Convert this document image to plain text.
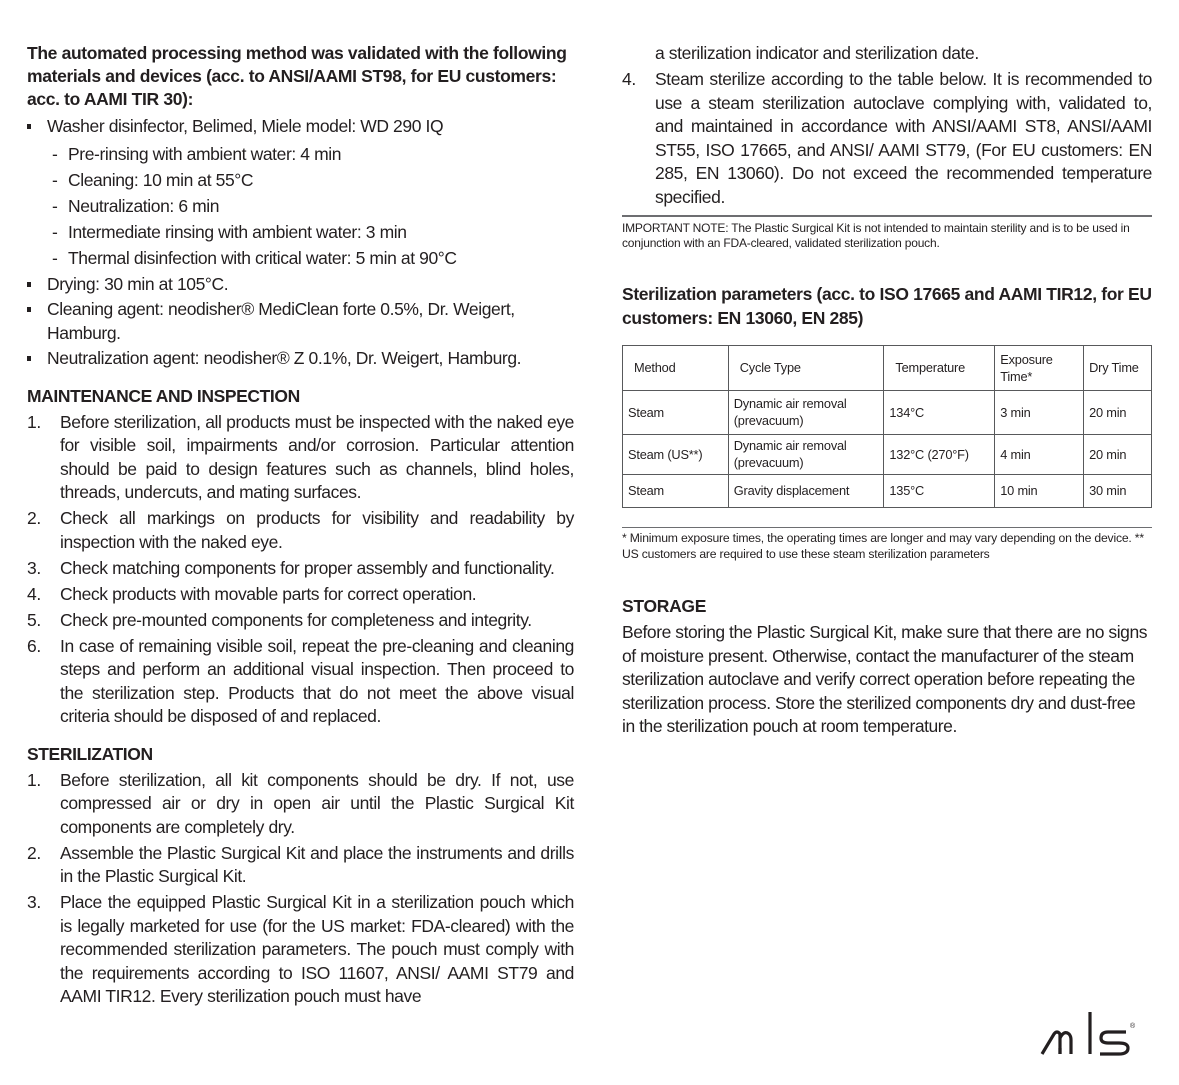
The automated processing method was validated with the following materials and devices (acc. to ANSI/AAMI ST98, for EU customers: acc. to AAMI TIR 30):

Washer disinfector, Belimed, Miele model: WD 290 IQ
- Pre-rinsing with ambient water: 4 min
- Cleaning: 10 min at 55°C
- Neutralization: 6 min
- Intermediate rinsing with ambient water: 3 min
- Thermal disinfection with critical water: 5 min at 90°C
Drying: 30 min at 105°C.
Cleaning agent: neodisher® MediClean forte 0.5%, Dr. Weigert, Hamburg.
Neutralization agent: neodisher® Z 0.1%, Dr. Weigert, Hamburg.
MAINTENANCE AND INSPECTION
1. Before sterilization, all products must be inspected with the naked eye for visible soil, impairments and/or corrosion. Particular attention should be paid to design features such as channels, blind holes, threads, undercuts, and mating surfaces.
2. Check all markings on products for visibility and readability by inspection with the naked eye.
3. Check matching components for proper assembly and functionality.
4. Check products with movable parts for correct operation.
5. Check pre-mounted components for completeness and integrity.
6. In case of remaining visible soil, repeat the pre-cleaning and cleaning steps and perform an additional visual inspection. Then proceed to the sterilization step. Products that do not meet the above visual criteria should be disposed of and replaced.
STERILIZATION
1. Before sterilization, all kit components should be dry. If not, use compressed air or dry in open air until the Plastic Surgical Kit components are completely dry.
2. Assemble the Plastic Surgical Kit and place the instruments and drills in the Plastic Surgical Kit.
3. Place the equipped Plastic Surgical Kit in a sterilization pouch which is legally marketed for use (for the US market: FDA-cleared) with the recommended sterilization parameters. The pouch must comply with the requirements according to ISO 11607, ANSI/ AAMI ST79 and AAMI TIR12. Every sterilization pouch must have

a sterilization indicator and sterilization date.

4. Steam sterilize according to the table below. It is recommended to use a steam sterilization autoclave complying with, validated to, and maintained in accordance with ANSI/AAMI ST8, ANSI/AAMI ST55, ISO 17665, and ANSI/ AAMI ST79, (For EU customers: EN 285, EN 13060). Do not exceed the recommended temperature specified.

IMPORTANT NOTE: The Plastic Surgical Kit is not intended to maintain sterility and is to be used in conjunction with an FDA-cleared, validated sterilization pouch.

Sterilization parameters (acc. to ISO 17665 and AAMI TIR12, for EU customers: EN 13060, EN 285)
Method	Cycle Type	Temperature	Exposure Time*	Dry Time
Steam	Dynamic air removal (prevacuum)	134°C	3 min	20 min
Steam (US**)	Dynamic air removal (prevacuum)	132°C (270°F)	4 min	20 min
Steam	Gravity displacement	135°C	10 min	30 min

* Minimum exposure times, the operating times are longer and may vary depending on the device. ** US customers are required to use these steam sterilization parameters

STORAGE

Before storing the Plastic Surgical Kit, make sure that there are no signs of moisture present. Otherwise, contact the manufacturer of the steam sterilization autoclave and verify correct operation before repeating the sterilization process. Store the sterilized components dry and dust-free in the sterilization pouch at room temperature.

®
